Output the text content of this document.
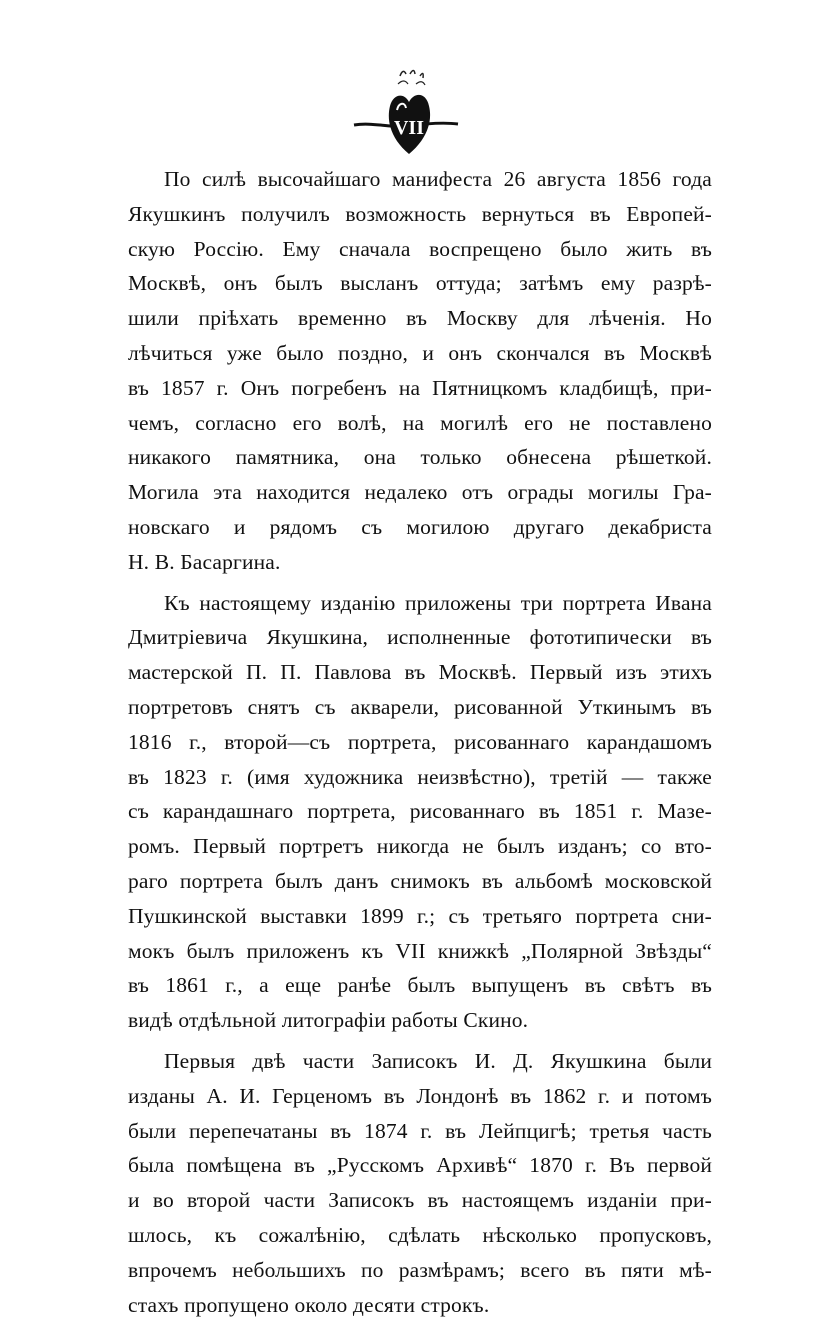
VII
По силѣ высочайшаго манифеста 26 августа 1856 года
Якушкинъ получилъ возможность вернуться въ Европей-
скую Россію. Ему сначала воспрещено было жить въ
Москвѣ, онъ былъ высланъ оттуда; затѣмъ ему разрѣ-
шили пріѣхать временно въ Москву для лѣченія. Но
лѣчиться уже было поздно, и онъ скончался въ Москвѣ
въ 1857 г. Онъ погребенъ на Пятницкомъ кладбищѣ, при-
чемъ, согласно его волѣ, на могилѣ его не поставлено
никакого памятника, она только обнесена рѣшеткой.
Могила эта находится недалеко отъ ограды могилы Гра-
новскаго и рядомъ съ могилою другаго декабриста
Н. В. Басаргина.
Къ настоящему изданію приложены три портрета Ивана
Дмитріевича Якушкина, исполненные фототипически въ
мастерской П. П. Павлова въ Москвѣ. Первый изъ этихъ
портретовъ снятъ съ акварели, рисованной Уткинымъ въ
1816 г., второй—съ портрета, рисованнаго карандашомъ
въ 1823 г. (имя художника неизвѣстно), третій — также
съ карандашнаго портрета, рисованнаго въ 1851 г. Мазе-
ромъ. Первый портретъ никогда не былъ изданъ; со вто-
раго портрета былъ данъ снимокъ въ альбомѣ московской
Пушкинской выставки 1899 г.; съ третьяго портрета сни-
мокъ былъ приложенъ къ VII книжкѣ „Полярной Звѣзды“
въ 1861 г., а еще ранѣе былъ выпущенъ въ свѣтъ въ
видѣ отдѣльной литографіи работы Скино.
Первыя двѣ части Записокъ И. Д. Якушкина были
изданы А. И. Герценомъ въ Лондонѣ въ 1862 г. и потомъ
были перепечатаны въ 1874 г. въ Лейпцигѣ; третья часть
была помѣщена въ „Русскомъ Архивѣ“ 1870 г. Въ первой
и во второй части Записокъ въ настоящемъ изданіи при-
шлось, къ сожалѣнію, сдѣлать нѣсколько пропусковъ,
впрочемъ небольшихъ по размѣрамъ; всего въ пяти мѣ-
стахъ пропущено около десяти строкъ.
